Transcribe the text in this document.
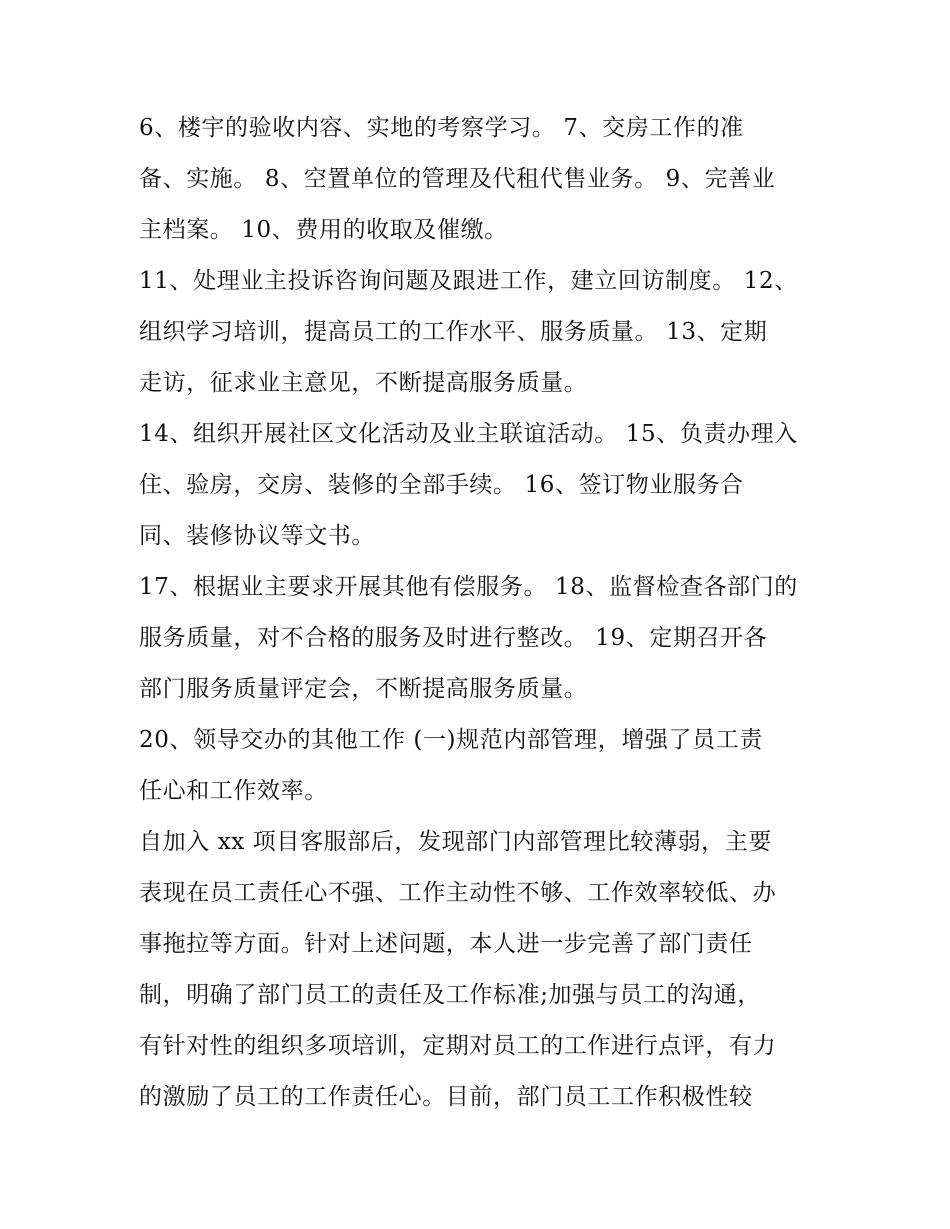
6、楼宇的验收内容、实地的考察学习。 7、交房工作的准
备、实施。 8、空置单位的管理及代租代售业务。 9、完善业
主档案。 10、费用的收取及催缴。
11、处理业主投诉咨询问题及跟进工作，建立回访制度。 12、
组织学习培训，提高员工的工作水平、服务质量。 13、定期
走访，征求业主意见，不断提高服务质量。
14、组织开展社区文化活动及业主联谊活动。 15、负责办理入
住、验房，交房、装修的全部手续。 16、签订物业服务合
同、装修协议等文书。
17、根据业主要求开展其他有偿服务。 18、监督检查各部门的
服务质量，对不合格的服务及时进行整改。 19、定期召开各
部门服务质量评定会，不断提高服务质量。
20、领导交办的其他工作 (一)规范内部管理，增强了员工责
任心和工作效率。
自加入 xx 项目客服部后，发现部门内部管理比较薄弱，主要
表现在员工责任心不强、工作主动性不够、工作效率较低、办
事拖拉等方面。针对上述问题，本人进一步完善了部门责任
制，明确了部门员工的责任及工作标准;加强与员工的沟通，
有针对性的组织多项培训，定期对员工的工作进行点评，有力
的激励了员工的工作责任心。目前，部门员工工作积极性较
